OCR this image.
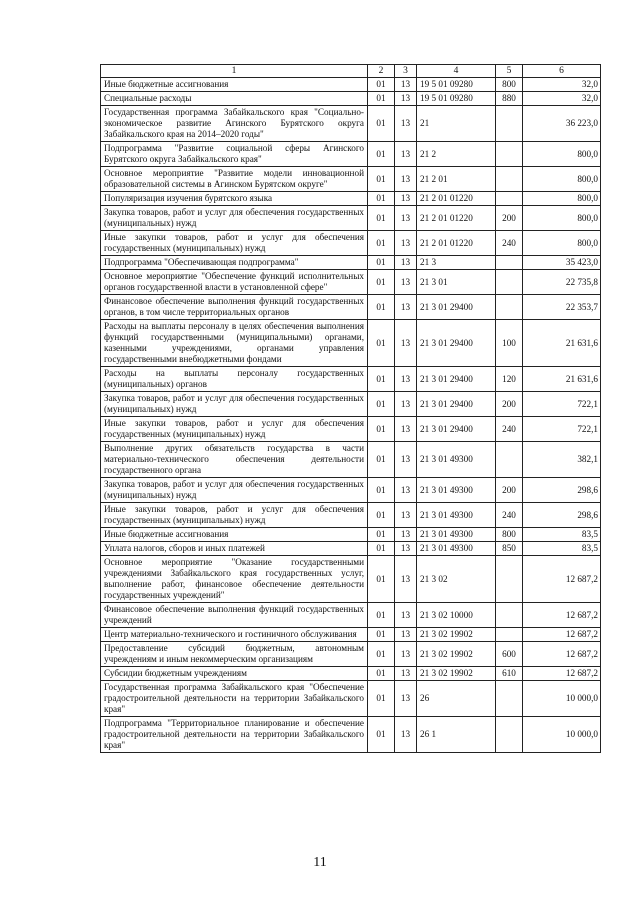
1	2	3	4	5	6
Иные бюджетные ассигнования	01	13	19 5 01 09280	800	32,0
Специальные расходы	01	13	19 5 01 09280	880	32,0
Государственная программа Забайкальского края "Социально-экономическое развитие Агинского Бурятского округа Забайкальского края на 2014–2020 годы"	01	13	21		36 223,0
Подпрограмма "Развитие социальной сферы Агинского Бурятского округа Забайкальского края"	01	13	21 2		800,0
Основное мероприятие "Развитие модели инновационной образовательной системы в Агинском Бурятском округе"	01	13	21 2 01		800,0
Популяризация изучения бурятского языка	01	13	21 2 01 01220		800,0
Закупка товаров, работ и услуг для обеспечения государственных (муниципальных) нужд	01	13	21 2 01 01220	200	800,0
Иные закупки товаров, работ и услуг для обеспечения государственных (муниципальных) нужд	01	13	21 2 01 01220	240	800,0
Подпрограмма "Обеспечивающая подпрограмма"	01	13	21 3		35 423,0
Основное мероприятие "Обеспечение функций исполнительных органов государственной власти в установленной сфере"	01	13	21 3 01		22 735,8
Финансовое обеспечение выполнения функций государственных органов, в том числе территориальных органов	01	13	21 3 01 29400		22 353,7
Расходы на выплаты персоналу в целях обеспечения выполнения функций государственными (муниципальными) органами, казенными учреждениями, органами управления государственными внебюджетными фондами	01	13	21 3 01 29400	100	21 631,6
Расходы на выплаты персоналу государственных (муниципальных) органов	01	13	21 3 01 29400	120	21 631,6
Закупка товаров, работ и услуг для обеспечения государственных (муниципальных) нужд	01	13	21 3 01 29400	200	722,1
Иные закупки товаров, работ и услуг для обеспечения государственных (муниципальных) нужд	01	13	21 3 01 29400	240	722,1
Выполнение других обязательств государства в части материально-технического обеспечения деятельности государственного органа	01	13	21 3 01 49300		382,1
Закупка товаров, работ и услуг для обеспечения государственных (муниципальных) нужд	01	13	21 3 01 49300	200	298,6
Иные закупки товаров, работ и услуг для обеспечения государственных (муниципальных) нужд	01	13	21 3 01 49300	240	298,6
Иные бюджетные ассигнования	01	13	21 3 01 49300	800	83,5
Уплата налогов, сборов и иных платежей	01	13	21 3 01 49300	850	83,5
Основное мероприятие "Оказание государственными учреждениями Забайкальского края государственных услуг, выполнение работ, финансовое обеспечение деятельности государственных учреждений"	01	13	21 3 02		12 687,2
Финансовое обеспечение выполнения функций государственных учреждений	01	13	21 3 02 10000		12 687,2
Центр материально-технического и гостиничного обслуживания	01	13	21 3 02 19902		12 687,2
Предоставление субсидий бюджетным, автономным учреждениям и иным некоммерческим организациям	01	13	21 3 02 19902	600	12 687,2
Субсидии бюджетным учреждениям	01	13	21 3 02 19902	610	12 687,2
Государственная программа Забайкальского края "Обеспечение градостроительной деятельности на территории Забайкальского края"	01	13	26		10 000,0
Подпрограмма "Территориальное планирование и обеспечение градостроительной деятельности на территории Забайкальского края"	01	13	26 1		10 000,0
11
